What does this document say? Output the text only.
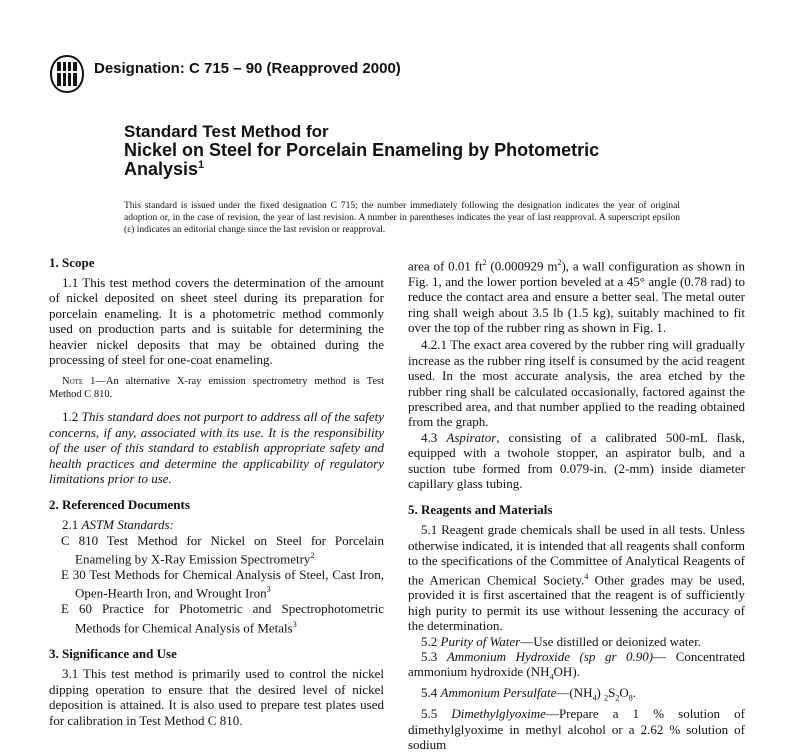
Designation: C 715 – 90 (Reapproved 2000)
Standard Test Method for
Nickel on Steel for Porcelain Enameling by Photometric
Analysis$^1$
This standard is issued under the fixed designation C 715; the number immediately following the designation indicates the year of original adoption or, in the case of revision, the year of last revision. A number in parentheses indicates the year of last reapproval. A superscript epsilon (ε) indicates an editorial change since the last revision or reapproval.
1. Scope

1.1 This test method covers the determination of the amount of nickel deposited on sheet steel during its preparation for porcelain enameling. It is a photometric method commonly used on production parts and is suitable for determining the heavier nickel deposits that may be obtained during the processing of steel for one-coat enameling.

Note 1—An alternative X-ray emission spectrometry method is Test Method C 810.

1.2 This standard does not purport to address all of the safety concerns, if any, associated with its use. It is the responsibility of the user of this standard to establish appropriate safety and health practices and determine the applicability of regulatory limitations prior to use.

2. Referenced Documents

2.1 ASTM Standards:

C 810 Test Method for Nickel on Steel for Porcelain Enameling by X-Ray Emission Spectrometry$^2$

E 30 Test Methods for Chemical Analysis of Steel, Cast Iron, Open-Hearth Iron, and Wrought Iron$^3$

E 60 Practice for Photometric and Spectrophotometric Methods for Chemical Analysis of Metals$^3$

3. Significance and Use

3.1 This test method is primarily used to control the nickel dipping operation to ensure that the desired level of nickel deposition is attained. It is also used to prepare test plates used for calibration in Test Method C 810.

area of 0.01 $ft^2$ (0.000929 $m^2$), a wall configuration as shown in Fig. 1, and the lower portion beveled at a 45° angle (0.78 rad) to reduce the contact area and ensure a better seal. The metal outer ring shall weigh about 3.5 lb (1.5 kg), suitably machined to fit over the top of the rubber ring as shown in Fig. 1.

4.2.1 The exact area covered by the rubber ring will gradually increase as the rubber ring itself is consumed by the acid reagent used. In the most accurate analysis, the area etched by the rubber ring shall be calculated occasionally, factored against the prescribed area, and that number applied to the reading obtained from the graph.

4.3 Aspirator, consisting of a calibrated 500-mL flask, equipped with a twohole stopper, an aspirator bulb, and a suction tube formed from 0.079-in. (2-mm) inside diameter capillary glass tubing.

5. Reagents and Materials

5.1 Reagent grade chemicals shall be used in all tests. Unless otherwise indicated, it is intended that all reagents shall conform to the specifications of the Committee of Analytical Reagents of the American Chemical Society.$^4$ Other grades may be used, provided it is first ascertained that the reagent is of sufficiently high purity to permit its use without lessening the accuracy of the determination.

5.2 Purity of Water—Use distilled or deionized water.

5.3 Ammonium Hydroxide (sp gr 0.90)— Concentrated ammonium hydroxide $(NH_4OH)$.

5.4 Ammonium $Persulfate—(NH_4)$ $_2S_2O_8$.

5.5 Dimethylglyoxime—Prepare a 1 % solution of dimethylglyoxime in methyl alcohol or a 2.62 % solution of sodium
